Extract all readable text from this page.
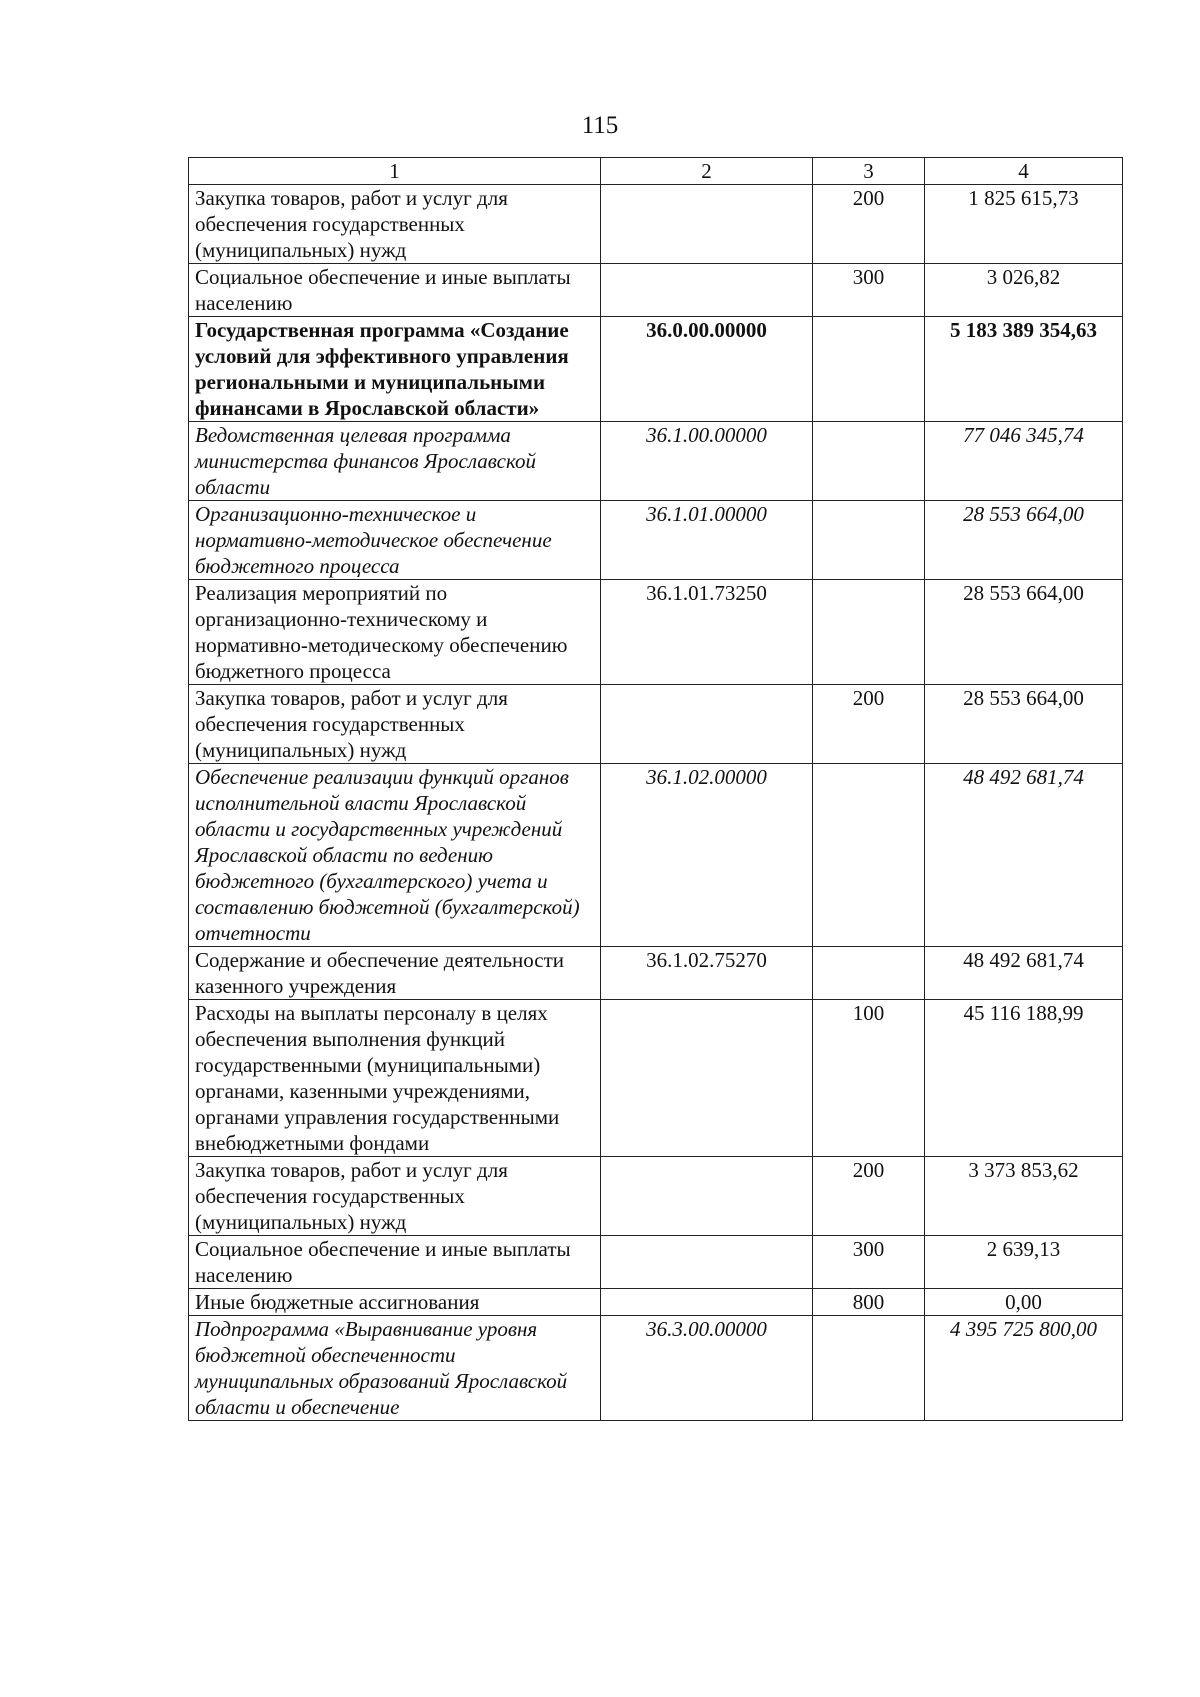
115
1	2	3	4
Закупка товаров, работ и услуг для обеспечения государственных (муниципальных) нужд		200	1 825 615,73
Социальное обеспечение и иные выплаты населению		300	3 026,82
Государственная программа «Создание условий для эффективного управления региональными и муниципальными финансами в Ярославской области»	36.0.00.00000		5 183 389 354,63
Ведомственная целевая программа министерства финансов Ярославской области	36.1.00.00000		77 046 345,74
Организационно-техническое и нормативно-методическое обеспечение бюджетного процесса	36.1.01.00000		28 553 664,00
Реализация мероприятий по организационно-техническому и нормативно-методическому обеспечению бюджетного процесса	36.1.01.73250		28 553 664,00
Закупка товаров, работ и услуг для обеспечения государственных (муниципальных) нужд		200	28 553 664,00
Обеспечение реализации функций органов исполнительной власти Ярославской области и государственных учреждений Ярославской области по ведению бюджетного (бухгалтерского) учета и составлению бюджетной (бухгалтерской) отчетности	36.1.02.00000		48 492 681,74
Содержание и обеспечение деятельности казенного учреждения	36.1.02.75270		48 492 681,74
Расходы на выплаты персоналу в целях обеспечения выполнения функций государственными (муниципальными) органами, казенными учреждениями, органами управления государственными внебюджетными фондами		100	45 116 188,99
Закупка товаров, работ и услуг для обеспечения государственных (муниципальных) нужд		200	3 373 853,62
Социальное обеспечение и иные выплаты населению		300	2 639,13
Иные бюджетные ассигнования		800	0,00
Подпрограмма «Выравнивание уровня бюджетной обеспеченности муниципальных образований Ярославской области и обеспечение	36.3.00.00000		4 395 725 800,00
